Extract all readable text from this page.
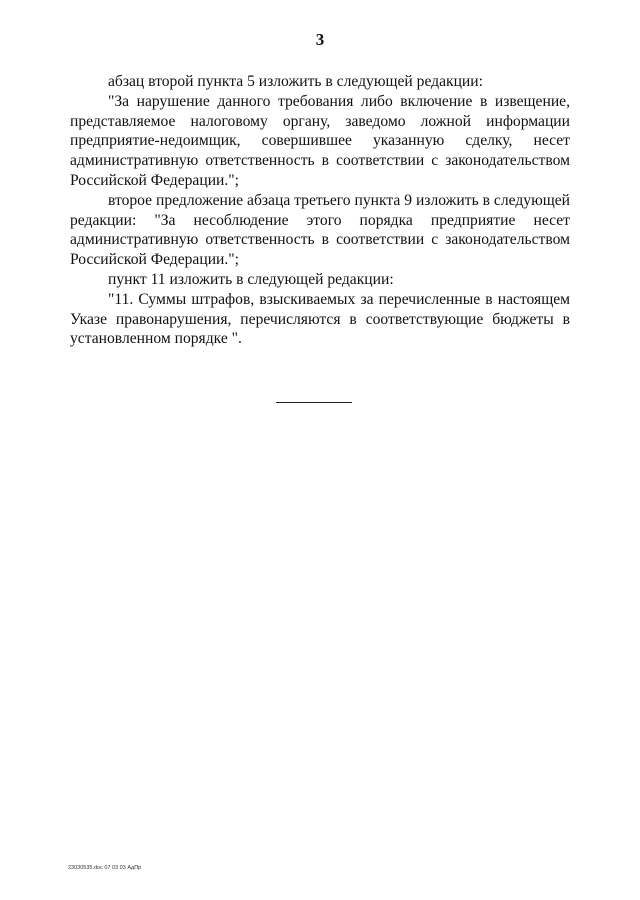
3

абзац второй пункта 5 изложить в следующей редакции:

"За нарушение данного требования либо включение в извещение, представляемое налоговому органу, заведомо ложной информации предприятие-недоимщик, совершившее указанную сделку, несет административную ответственность в соответствии с законодательством Российской Федерации.";

второе предложение абзаца третьего пункта 9 изложить в следующей редакции: "За несоблюдение этого порядка предприятие несет административную ответственность в соответствии с законодательством Российской Федерации.";

пункт 11 изложить в следующей редакции:

"11. Суммы штрафов, взыскиваемых за перечисленные в настоящем Указе правонарушения, перечисляются в соответствующие бюджеты в установленном порядке ".

23030535.doc 07 03 03 АдПр
